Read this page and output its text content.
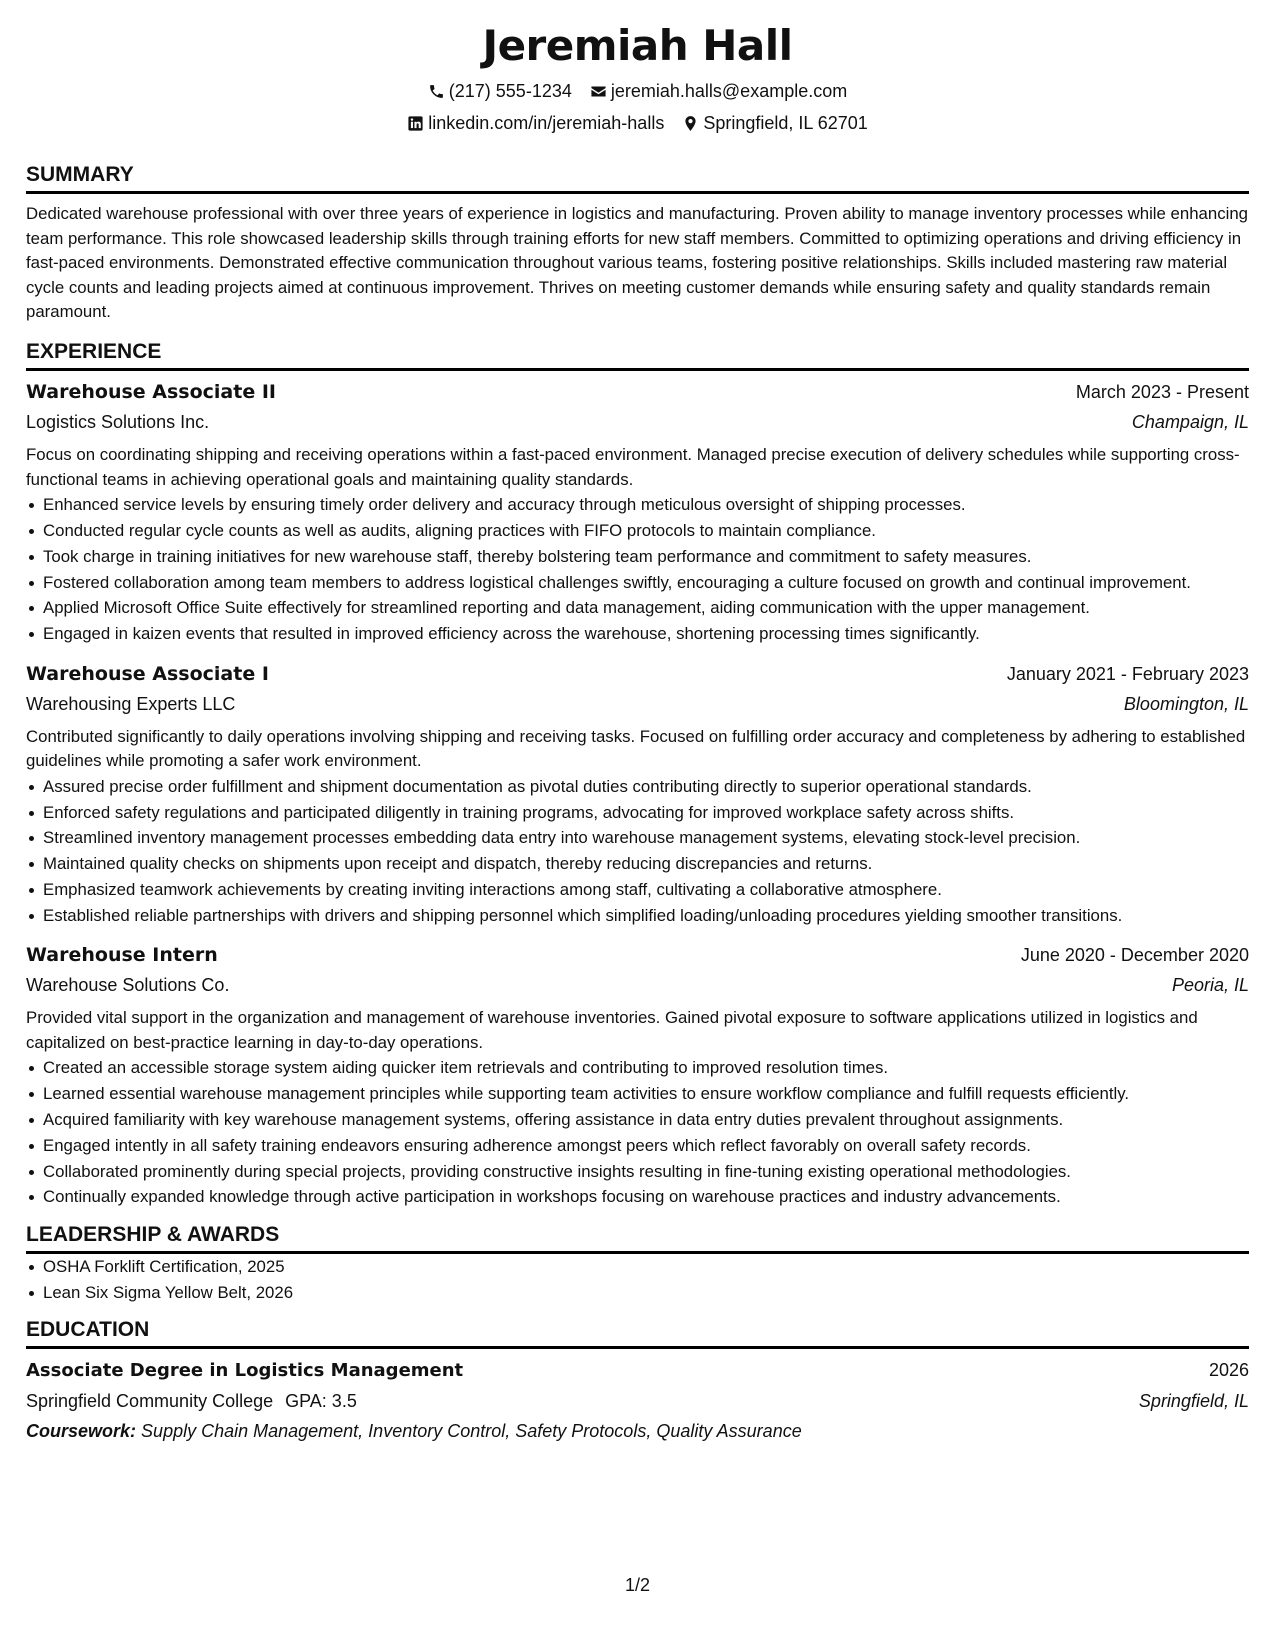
Jeremiah Hall
(217) 555-1234 jeremiah.halls@example.com
linkedin.com/in/jeremiah-halls Springfield, IL 62701
SUMMARY
Dedicated warehouse professional with over three years of experience in logistics and manufacturing. Proven ability to manage inventory processes while enhancing team performance. This role showcased leadership skills through training efforts for new staff members. Committed to optimizing operations and driving efficiency in fast-paced environments. Demonstrated effective communication throughout various teams, fostering positive relationships. Skills included mastering raw material cycle counts and leading projects aimed at continuous improvement. Thrives on meeting customer demands while ensuring safety and quality standards remain paramount.
EXPERIENCE
Warehouse Associate II	March 2023 - Present
Logistics Solutions Inc.	Champaign, IL
Focus on coordinating shipping and receiving operations within a fast-paced environment. Managed precise execution of delivery schedules while supporting cross-functional teams in achieving operational goals and maintaining quality standards.
Enhanced service levels by ensuring timely order delivery and accuracy through meticulous oversight of shipping processes.
Conducted regular cycle counts as well as audits, aligning practices with FIFO protocols to maintain compliance.
Took charge in training initiatives for new warehouse staff, thereby bolstering team performance and commitment to safety measures.
Fostered collaboration among team members to address logistical challenges swiftly, encouraging a culture focused on growth and continual improvement.
Applied Microsoft Office Suite effectively for streamlined reporting and data management, aiding communication with the upper management.
Engaged in kaizen events that resulted in improved efficiency across the warehouse, shortening processing times significantly.
Warehouse Associate I	January 2021 - February 2023
Warehousing Experts LLC	Bloomington, IL
Contributed significantly to daily operations involving shipping and receiving tasks. Focused on fulfilling order accuracy and completeness by adhering to established guidelines while promoting a safer work environment.
Assured precise order fulfillment and shipment documentation as pivotal duties contributing directly to superior operational standards.
Enforced safety regulations and participated diligently in training programs, advocating for improved workplace safety across shifts.
Streamlined inventory management processes embedding data entry into warehouse management systems, elevating stock-level precision.
Maintained quality checks on shipments upon receipt and dispatch, thereby reducing discrepancies and returns.
Emphasized teamwork achievements by creating inviting interactions among staff, cultivating a collaborative atmosphere.
Established reliable partnerships with drivers and shipping personnel which simplified loading/unloading procedures yielding smoother transitions.
Warehouse Intern	June 2020 - December 2020
Warehouse Solutions Co.	Peoria, IL
Provided vital support in the organization and management of warehouse inventories. Gained pivotal exposure to software applications utilized in logistics and capitalized on best-practice learning in day-to-day operations.
Created an accessible storage system aiding quicker item retrievals and contributing to improved resolution times.
Learned essential warehouse management principles while supporting team activities to ensure workflow compliance and fulfill requests efficiently.
Acquired familiarity with key warehouse management systems, offering assistance in data entry duties prevalent throughout assignments.
Engaged intently in all safety training endeavors ensuring adherence amongst peers which reflect favorably on overall safety records.
Collaborated prominently during special projects, providing constructive insights resulting in fine-tuning existing operational methodologies.
Continually expanded knowledge through active participation in workshops focusing on warehouse practices and industry advancements.
LEADERSHIP & AWARDS
OSHA Forklift Certification, 2025
Lean Six Sigma Yellow Belt, 2026
EDUCATION
Associate Degree in Logistics Management	2026
Springfield Community College GPA: 3.5	Springfield, IL
Coursework: Supply Chain Management, Inventory Control, Safety Protocols, Quality Assurance
1/2
